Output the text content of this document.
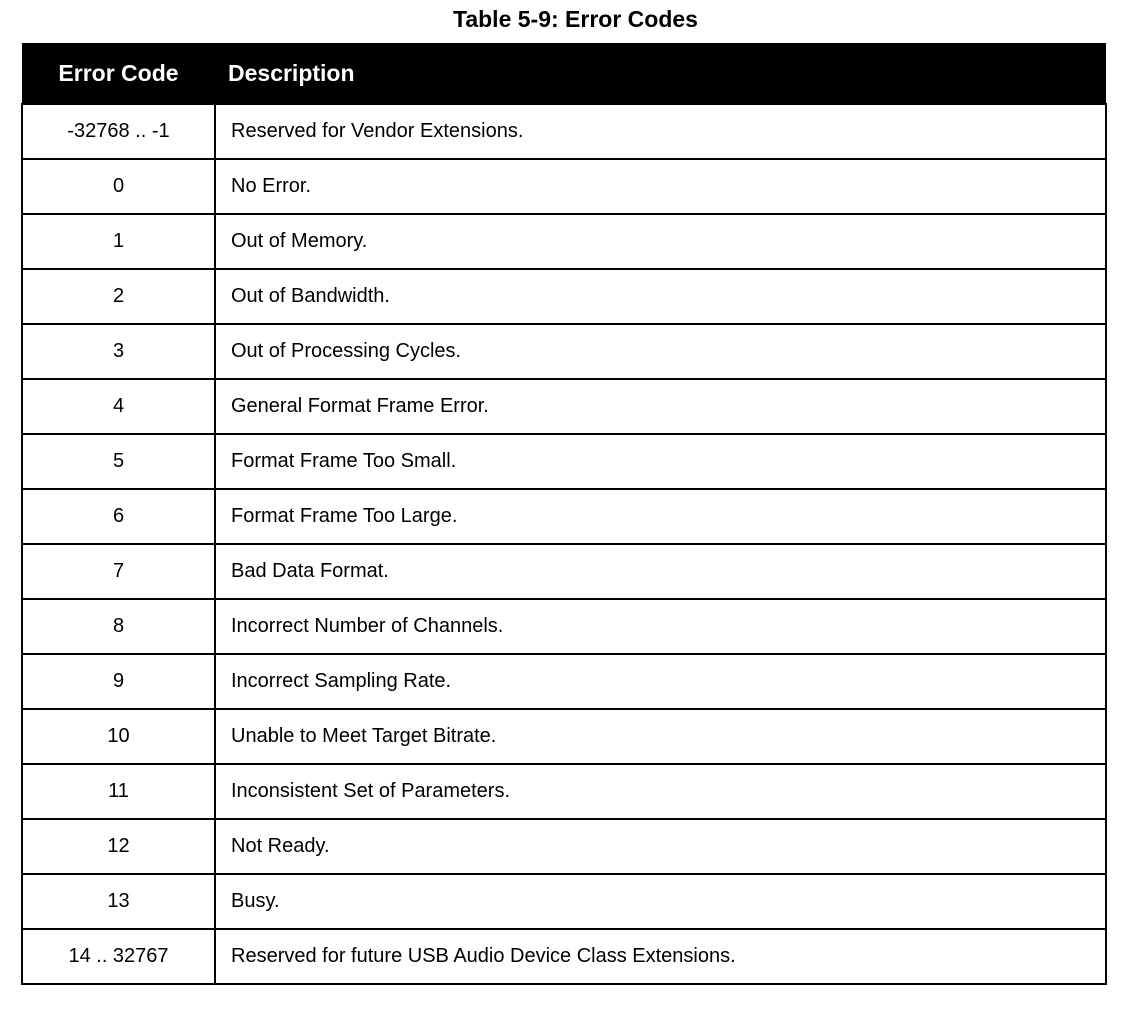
Table 5-9: Error Codes
Error Code	Description
-32768 .. -1	Reserved for Vendor Extensions.
0	No Error.
1	Out of Memory.
2	Out of Bandwidth.
3	Out of Processing Cycles.
4	General Format Frame Error.
5	Format Frame Too Small.
6	Format Frame Too Large.
7	Bad Data Format.
8	Incorrect Number of Channels.
9	Incorrect Sampling Rate.
10	Unable to Meet Target Bitrate.
11	Inconsistent Set of Parameters.
12	Not Ready.
13	Busy.
14 .. 32767	Reserved for future USB Audio Device Class Extensions.
